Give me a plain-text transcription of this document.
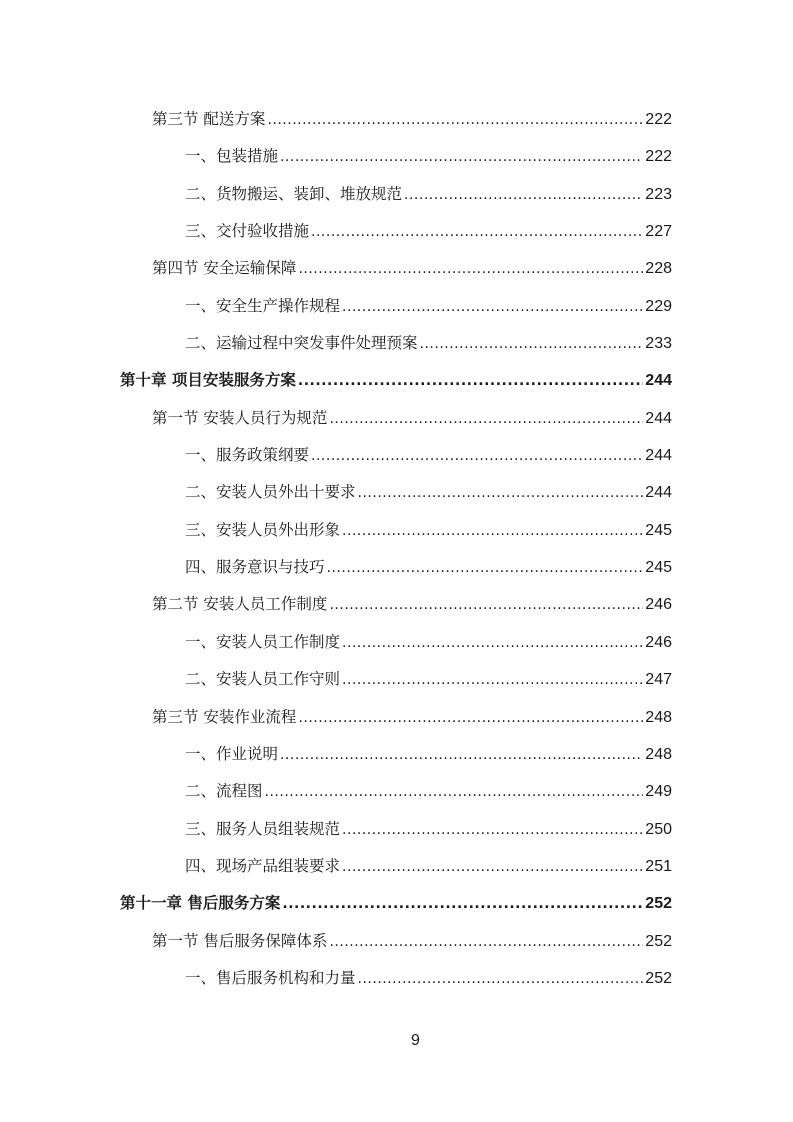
第三节 配送方案 .....	222
一、包装措施 .....	222
二、货物搬运、装卸、堆放规范 .....	223
三、交付验收措施 .....	227
第四节 安全运输保障 .....	228
一、安全生产操作规程 .....	229
二、运输过程中突发事件处理预案 .....	233
第十章 项目安装服务方案 .....	244
第一节 安装人员行为规范 .....	244
一、服务政策纲要 .....	244
二、安装人员外出十要求 .....	244
三、安装人员外出形象 .....	245
四、服务意识与技巧 .....	245
第二节 安装人员工作制度 .....	246
一、安装人员工作制度 .....	246
二、安装人员工作守则 .....	247
第三节 安装作业流程 .....	248
一、作业说明 .....	248
二、流程图 .....	249
三、服务人员组装规范 .....	250
四、现场产品组装要求 .....	251
第十一章 售后服务方案 .....	252
第一节 售后服务保障体系 .....	252
一、售后服务机构和力量 .....	252
9
